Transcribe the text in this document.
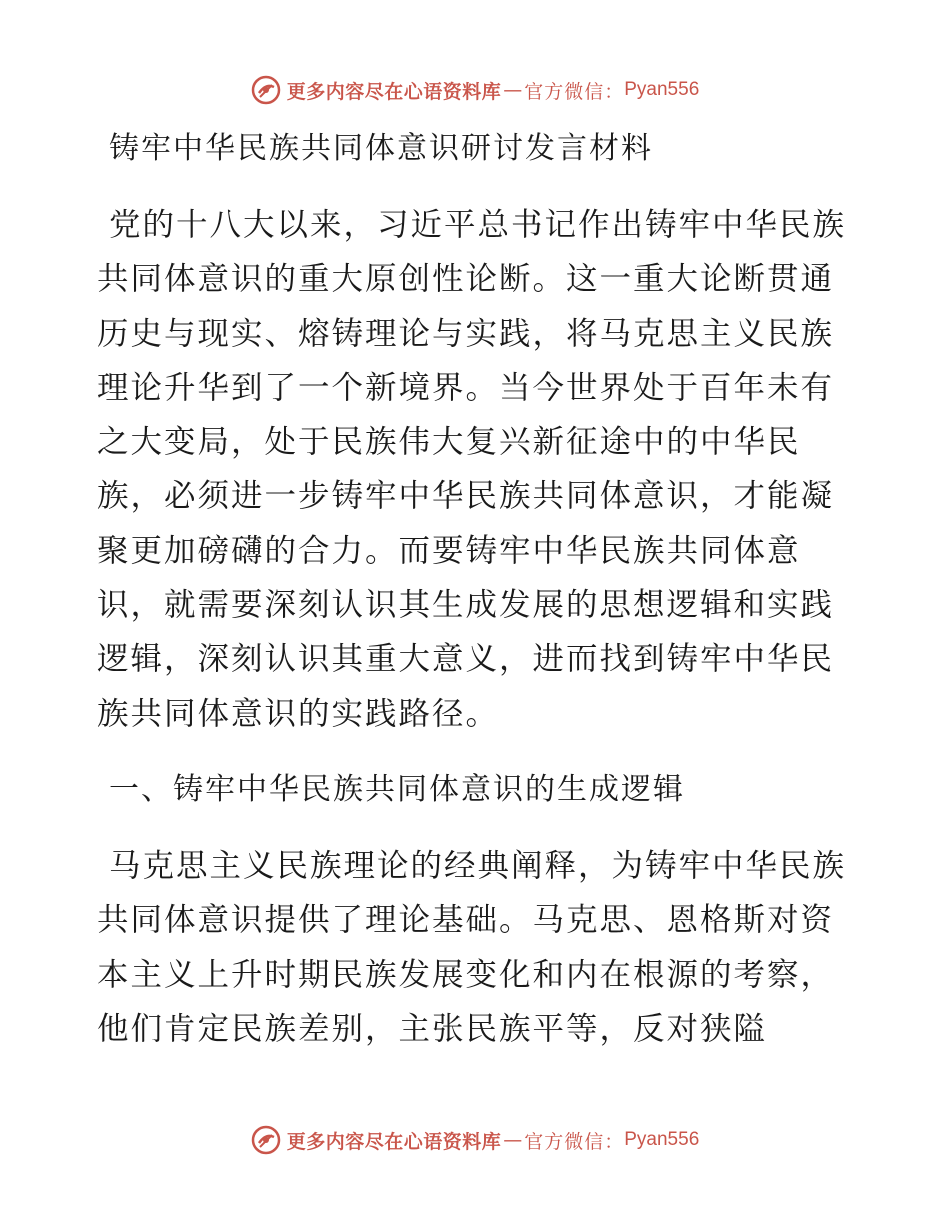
更多内容尽在心语资料库 — 官方微信： Pyan556
铸牢中华民族共同体意识研讨发言材料

党的十八大以来，习近平总书记作出铸牢中华民族共同体意识的重大原创性论断。这一重大论断贯通历史与现实、熔铸理论与实践，将马克思主义民族理论升华到了一个新境界。当今世界处于百年未有之大变局，处于民族伟大复兴新征途中的中华民族，必须进一步铸牢中华民族共同体意识，才能凝聚更加磅礴的合力。而要铸牢中华民族共同体意识，就需要深刻认识其生成发展的思想逻辑和实践逻辑，深刻认识其重大意义，进而找到铸牢中华民族共同体意识的实践路径。

一、铸牢中华民族共同体意识的生成逻辑

马克思主义民族理论的经典阐释，为铸牢中华民族共同体意识提供了理论基础。马克思、恩格斯对资本主义上升时期民族发展变化和内在根源的考察，他们肯定民族差别，主张民族平等，反对狭隘

更多内容尽在心语资料库 — 官方微信： Pyan556
